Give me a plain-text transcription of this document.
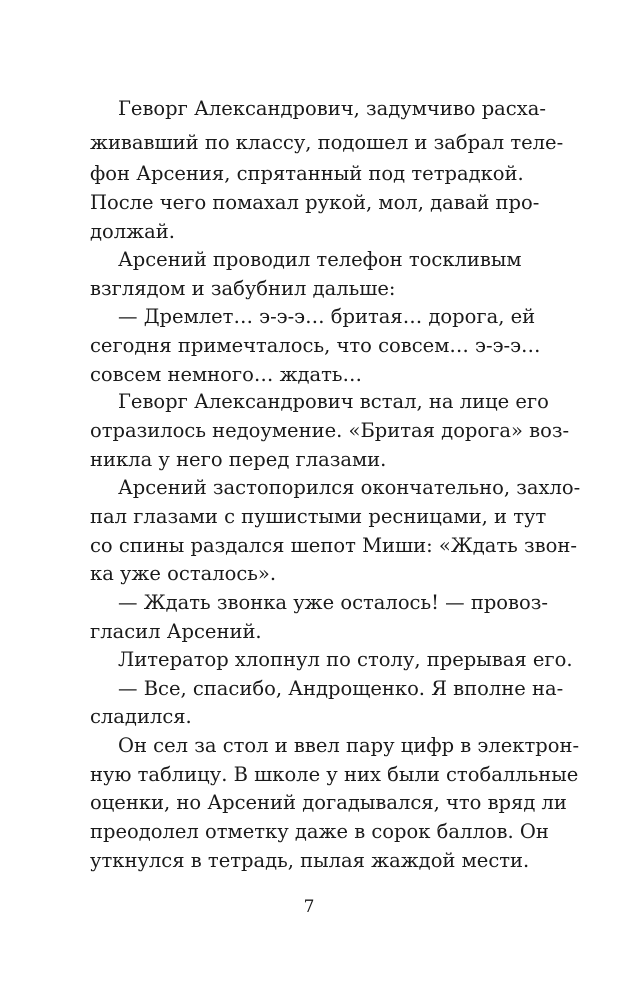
Геворг Александрович, задумчиво расха-
живавший по классу, подошел и забрал теле-
фон Арсения, спрятанный под тетрадкой.
После чего помахал рукой, мол, давай про-
должай.
Арсений проводил телефон тоскливым
взглядом и забубнил дальше:
— Дремлет… э-э-э… бритая… дорога, ей
сегодня примечталось, что совсем… э-э-э…
совсем немного… ждать…
Геворг Александрович встал, на лице его
отразилось недоумение. «Бритая дорога» воз-
никла у него перед глазами.
Арсений застопорился окончательно, захло-
пал глазами с пушистыми ресницами, и тут
со спины раздался шепот Миши: «Ждать звон-
ка уже осталось».
— Ждать звонка уже осталось! — провоз-
гласил Арсений.
Литератор хлопнул по столу, прерывая его.
— Все, спасибо, Андрощенко. Я вполне на-
сладился.
Он сел за стол и ввел пару цифр в электрон-
ную таблицу. В школе у них были стобалльные
оценки, но Арсений догадывался, что вряд ли
преодолел отметку даже в сорок баллов. Он
уткнулся в тетрадь, пылая жаждой мести.
7
